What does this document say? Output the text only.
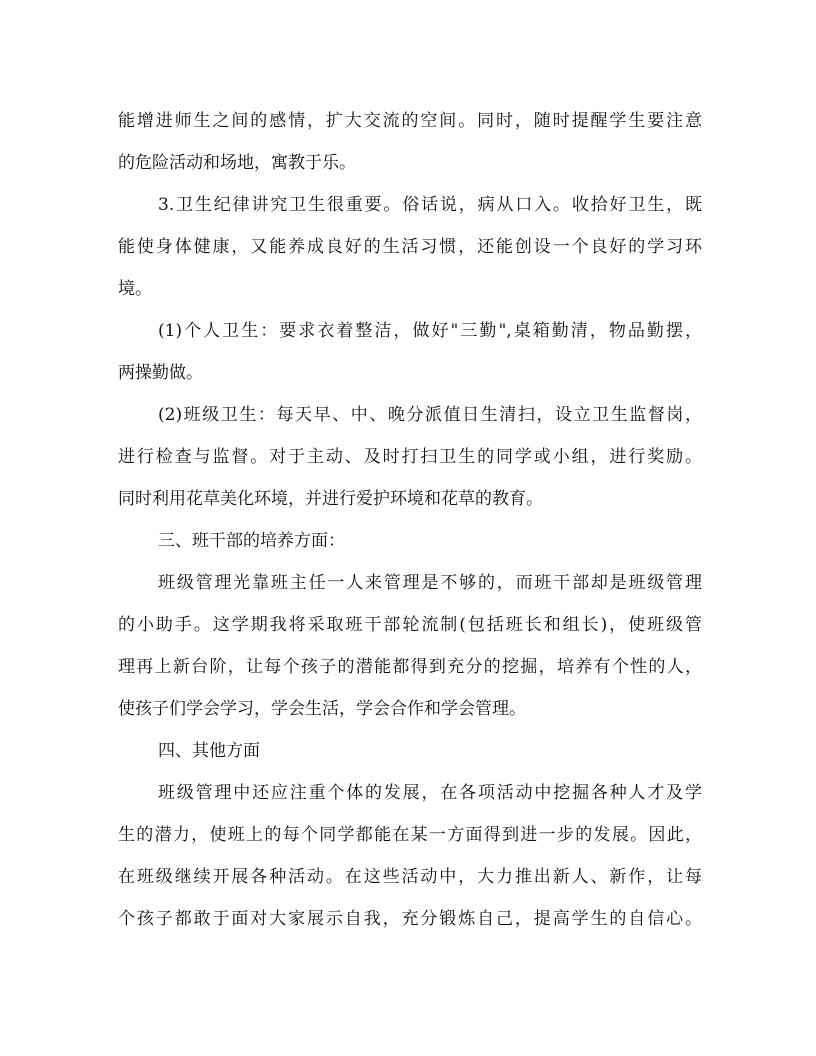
能增进师生之间的感情，扩大交流的空间。同时，随时提醒学生要注意
的危险活动和场地，寓教于乐。
3.卫生纪律讲究卫生很重要。俗话说，病从口入。收拾好卫生，既
能使身体健康，又能养成良好的生活习惯，还能创设一个良好的学习环
境。
(1)个人卫生：要求衣着整洁，做好"三勤",桌箱勤清，物品勤摆，
两操勤做。
(2)班级卫生：每天早、中、晚分派值日生清扫，设立卫生监督岗，
进行检查与监督。对于主动、及时打扫卫生的同学或小组，进行奖励。
同时利用花草美化环境，并进行爱护环境和花草的教育。
三、班干部的培养方面：
班级管理光靠班主任一人来管理是不够的，而班干部却是班级管理
的小助手。这学期我将采取班干部轮流制(包括班长和组长)，使班级管
理再上新台阶，让每个孩子的潜能都得到充分的挖掘，培养有个性的人，
使孩子们学会学习，学会生活，学会合作和学会管理。
四、其他方面
班级管理中还应注重个体的发展，在各项活动中挖掘各种人才及学
生的潜力，使班上的每个同学都能在某一方面得到进一步的发展。因此，
在班级继续开展各种活动。在这些活动中，大力推出新人、新作，让每
个孩子都敢于面对大家展示自我，充分锻炼自己，提高学生的自信心。
